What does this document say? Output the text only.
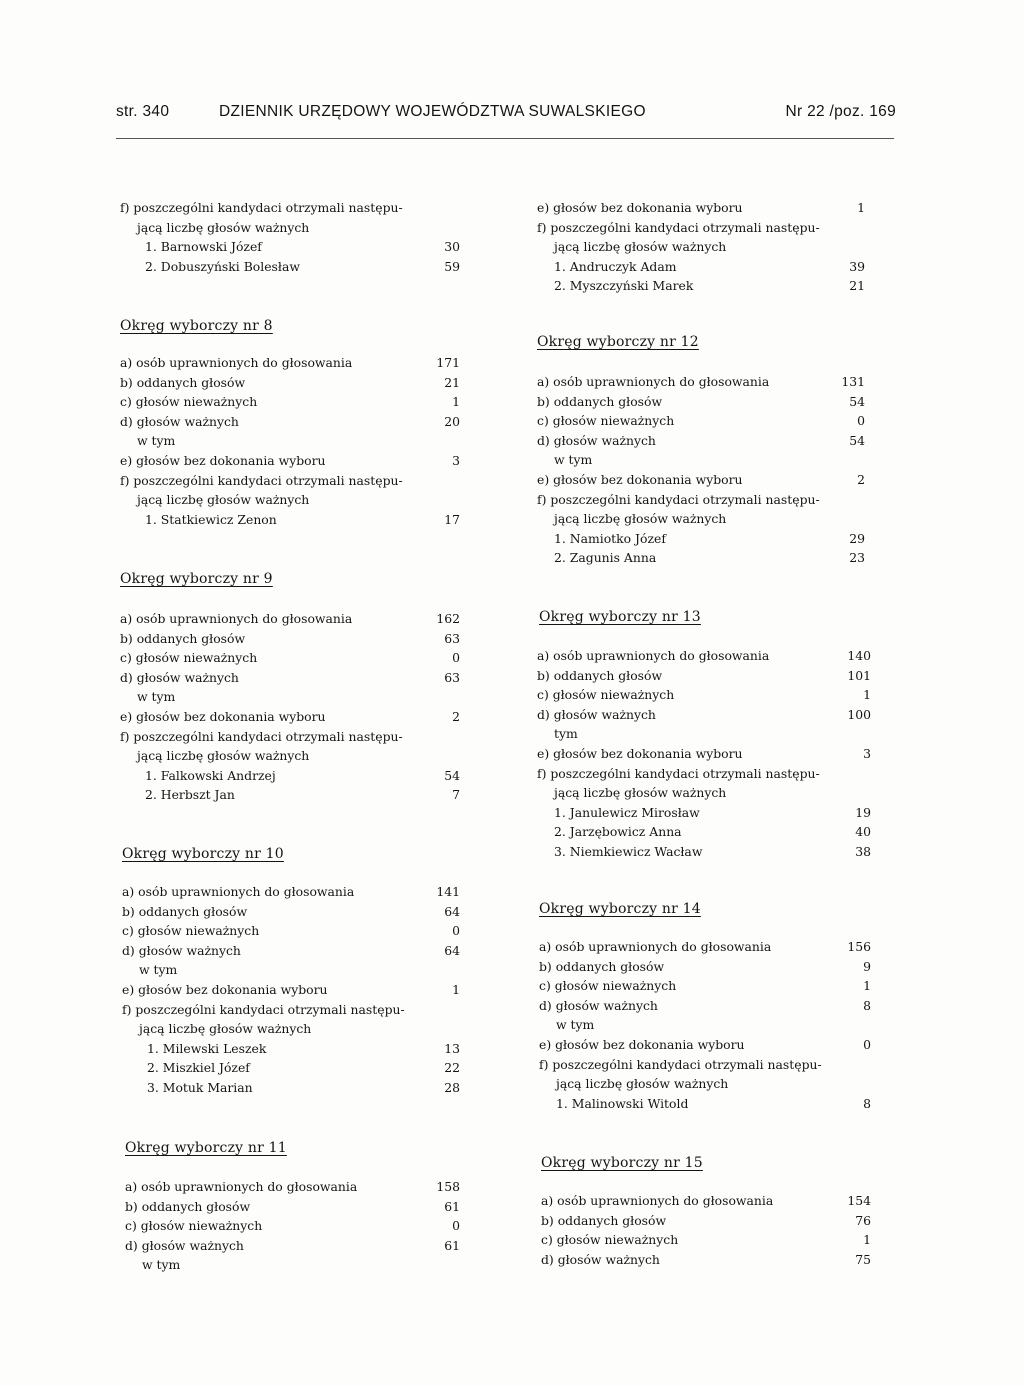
str. 340	DZIENNIK URZĘDOWY WOJEWÓDZTWA SUWALSKIEGO	Nr 22 /poz. 169
f) poszczególni kandydaci otrzymali następu-
jącą liczbę głosów ważnych
1. Barnowski Józef	30
2. Dobuszyński Bolesław	59
Okręg wyborczy nr 8
a) osób uprawnionych do głosowania	171
b) oddanych głosów	21
c) głosów nieważnych	1
d) głosów ważnych	20
w tym
e) głosów bez dokonania wyboru	3
f) poszczególni kandydaci otrzymali następu-
jącą liczbę głosów ważnych
1. Statkiewicz Zenon	17
Okręg wyborczy nr 9
a) osób uprawnionych do głosowania	162
b) oddanych głosów	63
c) głosów nieważnych	0
d) głosów ważnych	63
w tym
e) głosów bez dokonania wyboru	2
f) poszczególni kandydaci otrzymali następu-
jącą liczbę głosów ważnych
1. Falkowski Andrzej	54
2. Herbszt Jan	7
Okręg wyborczy nr 10
a) osób uprawnionych do głosowania	141
b) oddanych głosów	64
c) głosów nieważnych	0
d) głosów ważnych	64
w tym
e) głosów bez dokonania wyboru	1
f) poszczególni kandydaci otrzymali następu-
jącą liczbę głosów ważnych
1. Milewski Leszek	13
2. Miszkiel Józef	22
3. Motuk Marian	28
Okręg wyborczy nr 11
a) osób uprawnionych do głosowania	158
b) oddanych głosów	61
c) głosów nieważnych	0
d) głosów ważnych	61
w tym
e) głosów bez dokonania wyboru	1
f) poszczególni kandydaci otrzymali następu-
jącą liczbę głosów ważnych
1. Andruczyk Adam	39
2. Myszczyński Marek	21
Okręg wyborczy nr 12
a) osób uprawnionych do głosowania	131
b) oddanych głosów	54
c) głosów nieważnych	0
d) głosów ważnych	54
w tym
e) głosów bez dokonania wyboru	2
f) poszczególni kandydaci otrzymali następu-
jącą liczbę głosów ważnych
1. Namiotko Józef	29
2. Zagunis Anna	23
Okręg wyborczy nr 13
a) osób uprawnionych do głosowania	140
b) oddanych głosów	101
c) głosów nieważnych	1
d) głosów ważnych	100
tym
e) głosów bez dokonania wyboru	3
f) poszczególni kandydaci otrzymali następu-
jącą liczbę głosów ważnych
1. Janulewicz Mirosław	19
2. Jarzębowicz Anna	40
3. Niemkiewicz Wacław	38
Okręg wyborczy nr 14
a) osób uprawnionych do głosowania	156
b) oddanych głosów	9
c) głosów nieważnych	1
d) głosów ważnych	8
w tym
e) głosów bez dokonania wyboru	0
f) poszczególni kandydaci otrzymali następu-
jącą liczbę głosów ważnych
1. Malinowski Witold	8
Okręg wyborczy nr 15
a) osób uprawnionych do głosowania	154
b) oddanych głosów	76
c) głosów nieważnych	1
d) głosów ważnych	75
